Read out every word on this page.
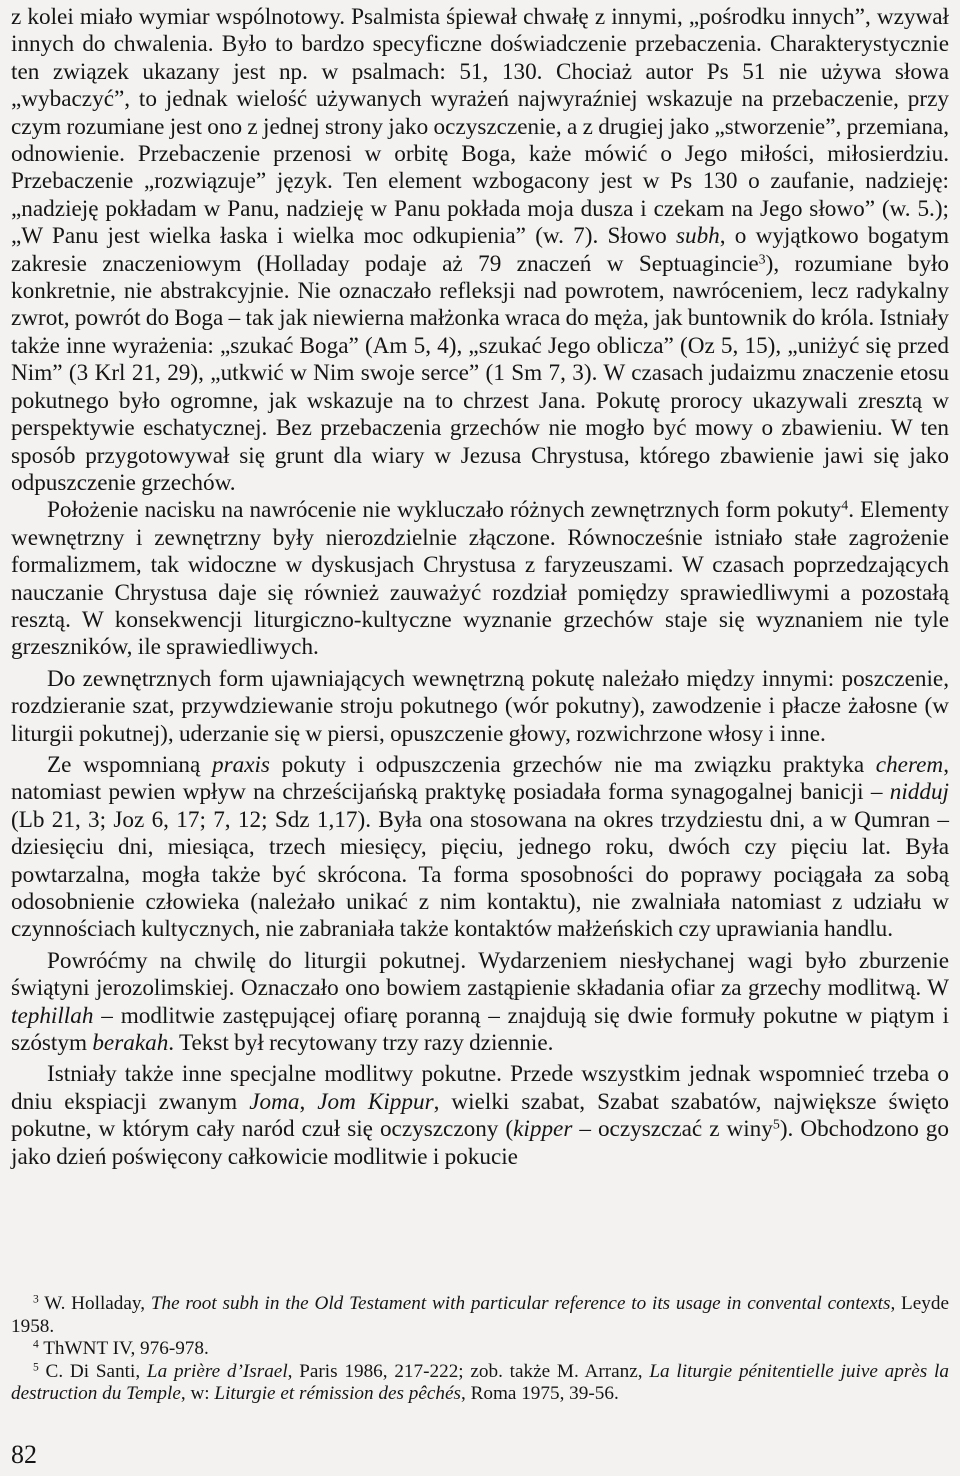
z kolei miało wymiar wspólnotowy. Psalmista śpiewał chwałę z innymi, „pośrodku innych”, wzywał innych do chwalenia. Było to bardzo specyficzne doświadczenie przebaczenia. Charakterystycznie ten związek ukazany jest np. w psalmach: 51, 130. Chociaż autor Ps 51 nie używa słowa „wybaczyć”, to jednak wielość używanych wyrażeń najwyraźniej wskazuje na przebaczenie, przy czym rozumiane jest ono z jednej strony jako oczyszczenie, a z drugiej jako „stworzenie”, przemiana, odnowienie. Przebaczenie przenosi w orbitę Boga, każe mówić o Jego miłości, miłosierdziu. Przebaczenie „rozwiązuje” język. Ten element wzbogacony jest w Ps 130 o zaufanie, nadzieję: „nadzieję pokładam w Panu, nadzieję w Panu pokłada moja dusza i czekam na Jego słowo” (w. 5.); „W Panu jest wielka łaska i wielka moc odkupienia” (w. 7). Słowo subh, o wyjątkowo bogatym zakresie znaczeniowym (Holladay podaje aż 79 znaczeń w Septuagincie$^3$), rozumiane było konkretnie, nie abstrakcyjnie. Nie oznaczało refleksji nad powrotem, nawróceniem, lecz radykalny zwrot, powrót do Boga – tak jak niewierna małżonka wraca do męża, jak buntownik do króla. Istniały także inne wyrażenia: „szukać Boga” (Am 5, 4), „szukać Jego oblicza” (Oz 5, 15), „uniżyć się przed Nim” (3 Krl 21, 29), „utkwić w Nim swoje serce” (1 Sm 7, 3). W czasach judaizmu znaczenie etosu pokutnego było ogromne, jak wskazuje na to chrzest Jana. Pokutę prorocy ukazywali zresztą w perspektywie eschatycznej. Bez przebaczenia grzechów nie mogło być mowy o zbawieniu. W ten sposób przygotowywał się grunt dla wiary w Jezusa Chrystusa, którego zbawienie jawi się jako odpuszczenie grzechów.

Położenie nacisku na nawrócenie nie wykluczało różnych zewnętrznych form pokuty$^4$. Elementy wewnętrzny i zewnętrzny były nierozdzielnie złączone. Równocześnie istniało stałe zagrożenie formalizmem, tak widoczne w dyskusjach Chrystusa z faryzeuszami. W czasach poprzedzających nauczanie Chrystusa daje się również zauważyć rozdział pomiędzy sprawiedliwymi a pozostałą resztą. W konsekwencji liturgiczno-kultyczne wyznanie grzechów staje się wyznaniem nie tyle grzeszników, ile sprawiedliwych.

Do zewnętrznych form ujawniających wewnętrzną pokutę należało między innymi: poszczenie, rozdzieranie szat, przywdziewanie stroju pokutnego (wór pokutny), zawodzenie i płacze żałosne (w liturgii pokutnej), uderzanie się w piersi, opuszczenie głowy, rozwichrzone włosy i inne.

Ze wspomnianą praxis pokuty i odpuszczenia grzechów nie ma związku praktyka cherem, natomiast pewien wpływ na chrześcijańską praktykę posiadała forma synagogalnej banicji – nidduj (Lb 21, 3; Joz 6, 17; 7, 12; Sdz 1,17). Była ona stosowana na okres trzydziestu dni, a w Qumran – dziesięciu dni, miesiąca, trzech miesięcy, pięciu, jednego roku, dwóch czy pięciu lat. Była powtarzalna, mogła także być skrócona. Ta forma sposobności do poprawy pociągała za sobą odosobnienie człowieka (należało unikać z nim kontaktu), nie zwalniała natomiast z udziału w czynnościach kultycznych, nie zabraniała także kontaktów małżeńskich czy uprawiania handlu.

Powróćmy na chwilę do liturgii pokutnej. Wydarzeniem niesłychanej wagi było zburzenie świątyni jerozolimskiej. Oznaczało ono bowiem zastąpienie składania ofiar za grzechy modlitwą. W tephillah – modlitwie zastępującej ofiarę poranną – znajdują się dwie formuły pokutne w piątym i szóstym berakah. Tekst był recytowany trzy razy dziennie.

Istniały także inne specjalne modlitwy pokutne. Przede wszystkim jednak wspomnieć trzeba o dniu ekspiacji zwanym Joma, Jom Kippur, wielki szabat, Szabat szabatów, największe święto pokutne, w którym cały naród czuł się oczyszczony (kipper – oczyszczać z winy$^5$). Obchodzono go jako dzień poświęcony całkowicie modlitwie i pokucie

$^3$ W. Holladay, The root subh in the Old Testament with particular reference to its usage in convental contexts, Leyde 1958.

$^4$ ThWNT IV, 976-978.

$^5$ C. Di Santi, La prière d’Israel, Paris 1986, 217-222; zob. także M. Arranz, La liturgie pénitentielle juive après la destruction du Temple, w: Liturgie et rémission des pêchés, Roma 1975, 39-56.

82
